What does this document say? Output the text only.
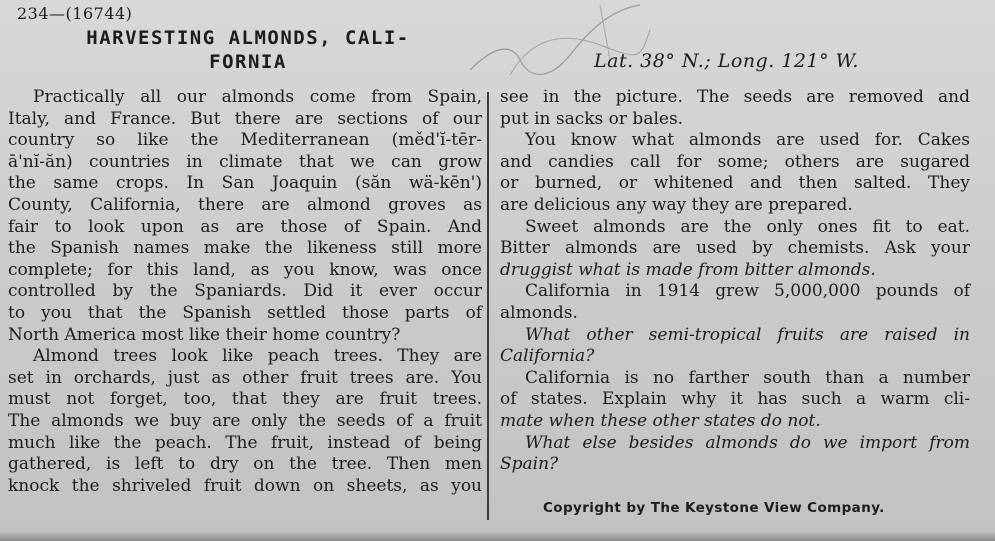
234—(16744)
HARVESTING ALMONDS, CALI-
FORNIA	Lat. 38° N.; Long. 121° W.
Practically all our almonds come from Spain,
Italy, and France. But there are sections of our
country so like the Mediterranean (měd'ĭ-tēr-
ā'nĭ-ăn) countries in climate that we can grow
the same crops. In San Joaquin (săn wä-kēn')
County, California, there are almond groves as
fair to look upon as are those of Spain. And
the Spanish names make the likeness still more
complete; for this land, as you know, was once
controlled by the Spaniards. Did it ever occur
to you that the Spanish settled those parts of
North America most like their home country?
Almond trees look like peach trees. They are
set in orchards, just as other fruit trees are. You
must not forget, too, that they are fruit trees.
The almonds we buy are only the seeds of a fruit
much like the peach. The fruit, instead of being
gathered, is left to dry on the tree. Then men
knock the shriveled fruit down on sheets, as you
see in the picture. The seeds are removed and
put in sacks or bales.
You know what almonds are used for. Cakes
and candies call for some; others are sugared
or burned, or whitened and then salted. They
are delicious any way they are prepared.
Sweet almonds are the only ones fit to eat.
Bitter almonds are used by chemists. Ask your
druggist what is made from bitter almonds.
California in 1914 grew 5,000,000 pounds of
almonds.
What other semi-tropical fruits are raised in
California?
California is no farther south than a number
of states. Explain why it has such a warm cli-
mate when these other states do not.
What else besides almonds do we import from
Spain?
Copyright by The Keystone View Company.
